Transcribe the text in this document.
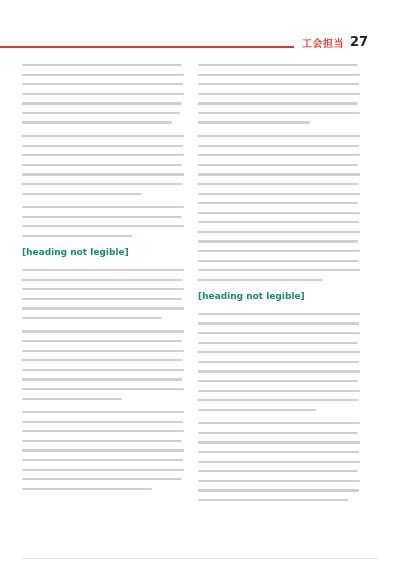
工会担当 27
[heading not legible]
[heading not legible]
